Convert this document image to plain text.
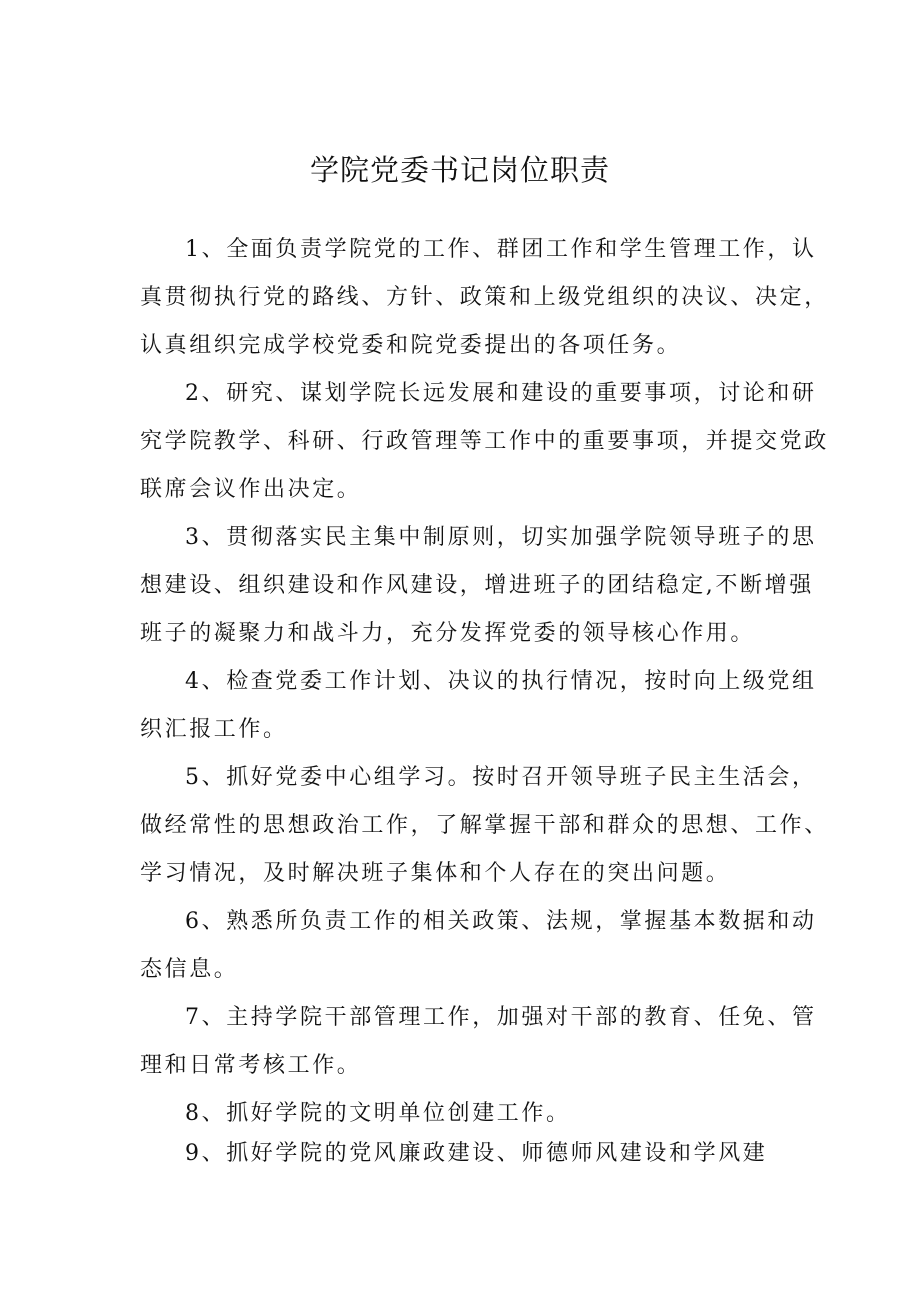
学院党委书记岗位职责
1、全面负责学院党的工作、群团工作和学生管理工作，认
真贯彻执行党的路线、方针、政策和上级党组织的决议、决定，
认真组织完成学校党委和院党委提出的各项任务。
2、研究、谋划学院长远发展和建设的重要事项，讨论和研
究学院教学、科研、行政管理等工作中的重要事项，并提交党政
联席会议作出决定。
3、贯彻落实民主集中制原则，切实加强学院领导班子的思
想建设、组织建设和作风建设，增进班子的团结稳定,不断增强
班子的凝聚力和战斗力，充分发挥党委的领导核心作用。
4、检查党委工作计划、决议的执行情况，按时向上级党组
织汇报工作。
5、抓好党委中心组学习。按时召开领导班子民主生活会，
做经常性的思想政治工作，了解掌握干部和群众的思想、工作、
学习情况，及时解决班子集体和个人存在的突出问题。
6、熟悉所负责工作的相关政策、法规，掌握基本数据和动
态信息。
7、主持学院干部管理工作，加强对干部的教育、任免、管
理和日常考核工作。
8、抓好学院的文明单位创建工作。
9、抓好学院的党风廉政建设、师德师风建设和学风建
